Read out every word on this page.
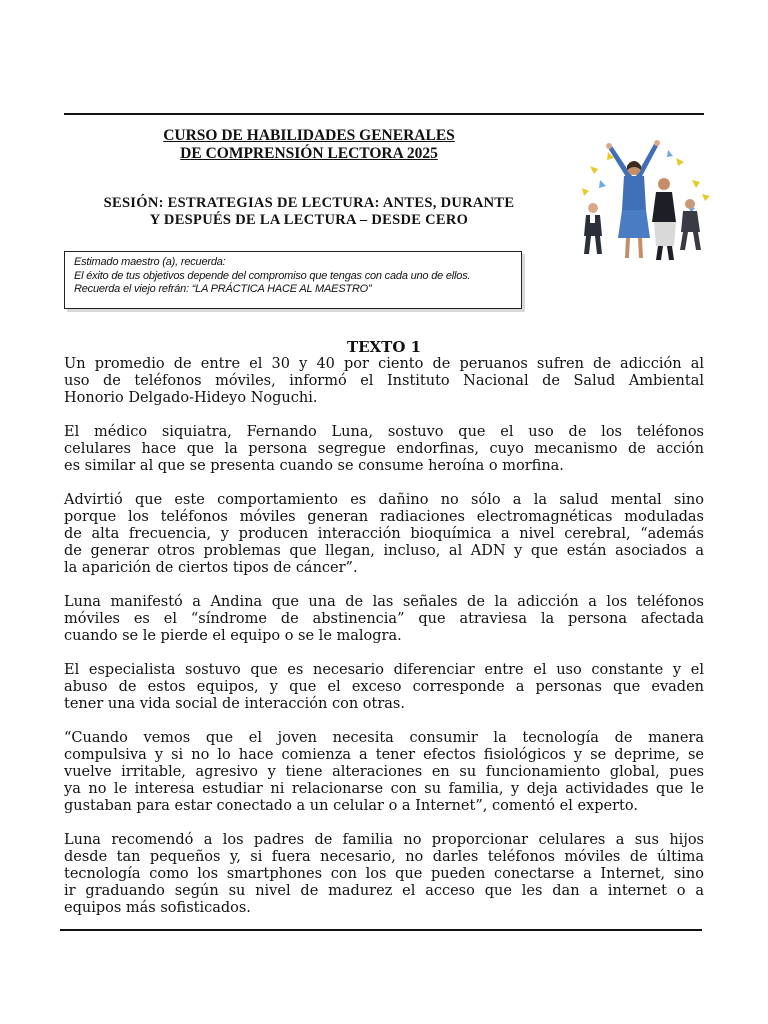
CURSO DE HABILIDADES GENERALES
DE COMPRENSIÓN LECTORA 2025
SESIÓN: ESTRATEGIAS DE LECTURA: ANTES, DURANTE
Y DESPUÉS DE LA LECTURA – DESDE CERO
Estimado maestro (a), recuerda:
El éxito de tus objetivos depende del compromiso que tengas con cada uno de ellos.
Recuerda el viejo refrán: “LA PRÁCTICA HACE AL MAESTRO”
TEXTO 1

Un promedio de entre el 30 y 40 por ciento de peruanos sufren de adicción al
uso de teléfonos móviles, informó el Instituto Nacional de Salud Ambiental
Honorio Delgado-Hideyo Noguchi.

El médico siquiatra, Fernando Luna, sostuvo que el uso de los teléfonos
celulares hace que la persona segregue endorfinas, cuyo mecanismo de acción
es similar al que se presenta cuando se consume heroína o morfina.

Advirtió que este comportamiento es dañino no sólo a la salud mental sino
porque los teléfonos móviles generan radiaciones electromagnéticas moduladas
de alta frecuencia, y producen interacción bioquímica a nivel cerebral, “además
de generar otros problemas que llegan, incluso, al ADN y que están asociados a
la aparición de ciertos tipos de cáncer”.

Luna manifestó a Andina que una de las señales de la adicción a los teléfonos
móviles es el “síndrome de abstinencia” que atraviesa la persona afectada
cuando se le pierde el equipo o se le malogra.

El especialista sostuvo que es necesario diferenciar entre el uso constante y el
abuso de estos equipos, y que el exceso corresponde a personas que evaden
tener una vida social de interacción con otras.

“Cuando vemos que el joven necesita consumir la tecnología de manera
compulsiva y si no lo hace comienza a tener efectos fisiológicos y se deprime, se
vuelve irritable, agresivo y tiene alteraciones en su funcionamiento global, pues
ya no le interesa estudiar ni relacionarse con su familia, y deja actividades que le
gustaban para estar conectado a un celular o a Internet”, comentó el experto.

Luna recomendó a los padres de familia no proporcionar celulares a sus hijos
desde tan pequeños y, si fuera necesario, no darles teléfonos móviles de última
tecnología como los smartphones con los que pueden conectarse a Internet, sino
ir graduando según su nivel de madurez el acceso que les dan a internet o a
equipos más sofisticados.
